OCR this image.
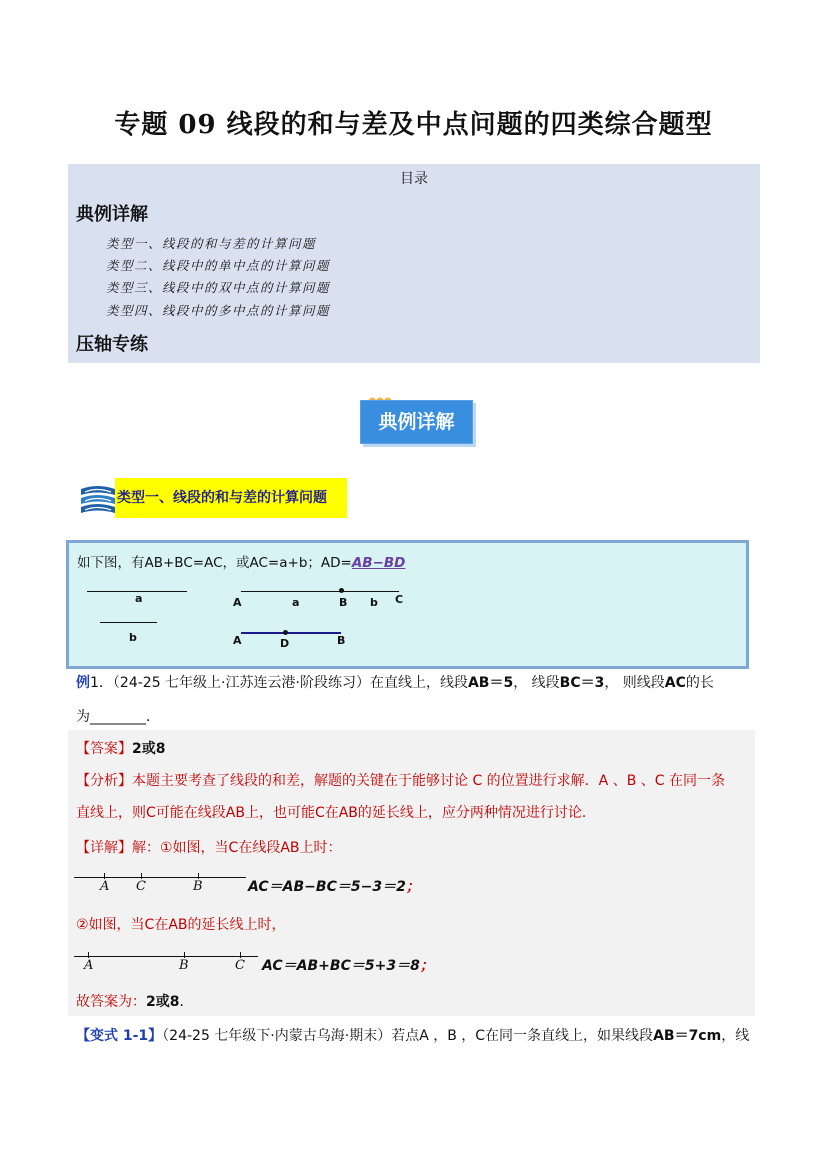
专题 09 线段的和与差及中点问题的四类综合题型
目录
典例详解
类型一、线段的和与差的计算问题
类型二、线段中的单中点的计算问题
类型三、线段中的双中点的计算问题
类型四、线段中的多中点的计算问题
压轴专练
典例详解
类型一、线段的和与差的计算问题
如下图，有AB+BC=AC，或AC=a+b；AD=AB−BD
a
b
A	a	B b C
A	D	B
例1．（24-25 七年级上·江苏连云港·阶段练习）在直线上，线段AB＝5， 线段BC＝3， 则线段AC的长
为________．
【答案】2或8
【分析】本题主要考查了线段的和差，解题的关键在于能够讨论 C 的位置进行求解．A 、B 、C 在同一条
直线上，则C可能在线段AB上，也可能C在AB的延长线上，应分两种情况进行讨论．
【详解】解：①如图，当C在线段AB上时：
A C	B	AC＝AB−BC＝5−3＝2；
②如图，当C在AB的延长线上时，
A	B	C AC＝AB+BC＝5+3＝8；
故答案为：2或8．
【变式 1-1】（24-25 七年级下·内蒙古乌海·期末）若点A ，B ，C在同一条直线上，如果线段AB＝7cm，线
